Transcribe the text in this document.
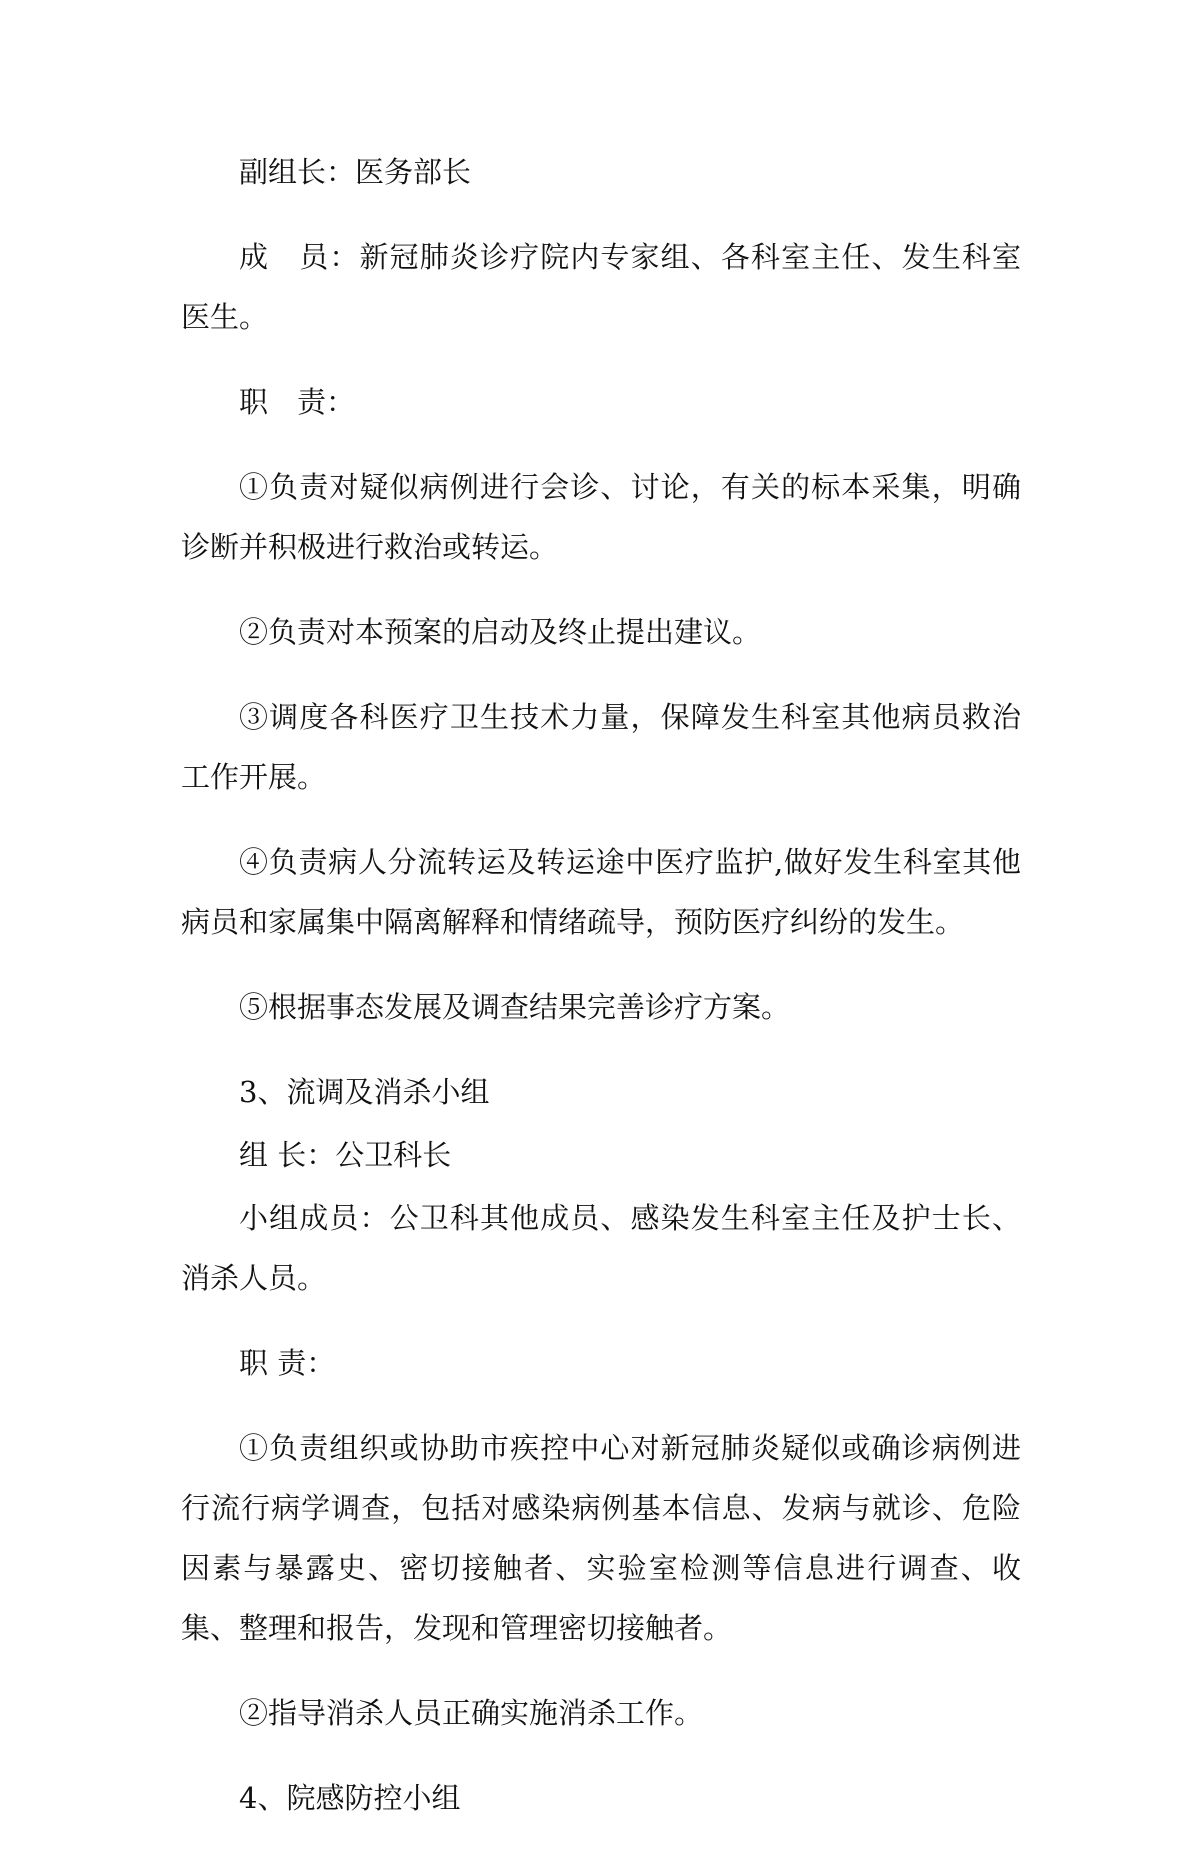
副组长：医务部长

成　员：新冠肺炎诊疗院内专家组、各科室主任、发生科室医生。

职　责：

①负责对疑似病例进行会诊、讨论，有关的标本采集，明确诊断并积极进行救治或转运。

②负责对本预案的启动及终止提出建议。

③调度各科医疗卫生技术力量，保障发生科室其他病员救治工作开展。

④负责病人分流转运及转运途中医疗监护,做好发生科室其他病员和家属集中隔离解释和情绪疏导，预防医疗纠纷的发生。

⑤根据事态发展及调查结果完善诊疗方案。

3、流调及消杀小组

组 长：公卫科长

小组成员：公卫科其他成员、感染发生科室主任及护士长、消杀人员。

职 责：

①负责组织或协助市疾控中心对新冠肺炎疑似或确诊病例进行流行病学调查，包括对感染病例基本信息、发病与就诊、危险因素与暴露史、密切接触者、实验室检测等信息进行调查、收集、整理和报告，发现和管理密切接触者。

②指导消杀人员正确实施消杀工作。

4、院感防控小组
